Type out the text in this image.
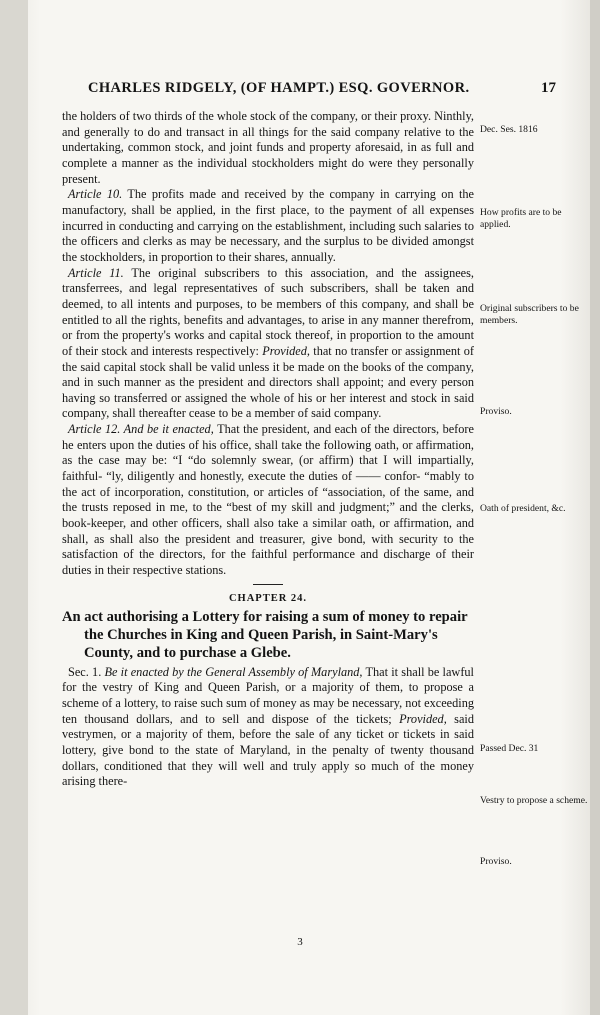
CHARLES RIDGELY, (OF HAMPT.) ESQ. GOVERNOR.	17

the holders of two thirds of the whole stock of the company, or their proxy. Ninthly, and generally to do and transact in all things for the said company relative to the undertaking, common stock, and joint funds and property aforesaid, in as full and complete a manner as the individual stockholders might do were they personally present.

Article 10. The profits made and received by the company in carrying on the manufactory, shall be applied, in the first place, to the payment of all expenses incurred in conducting and carrying on the establishment, including such salaries to the officers and clerks as may be necessary, and the surplus to be divided amongst the stockholders, in proportion to their shares, annually.

Article 11. The original subscribers to this association, and the assignees, transferrees, and legal representatives of such subscribers, shall be taken and deemed, to all intents and purposes, to be members of this company, and shall be entitled to all the rights, benefits and advantages, to arise in any manner therefrom, or from the property's works and capital stock thereof, in proportion to the amount of their stock and interests respectively: Provided, that no transfer or assignment of the said capital stock shall be valid unless it be made on the books of the company, and in such manner as the president and directors shall appoint; and every person having so transferred or assigned the whole of his or her interest and stock in said company, shall thereafter cease to be a member of said company.

Article 12. And be it enacted, That the president, and each of the directors, before he enters upon the duties of his office, shall take the following oath, or affirmation, as the case may be: “I “do solemnly swear, (or affirm) that I will impartially, faithful- “ly, diligently and honestly, execute the duties of —— confor- “mably to the act of incorporation, constitution, or articles of “association, of the same, and the trusts reposed in me, to the “best of my skill and judgment;” and the clerks, book-keeper, and other officers, shall also take a similar oath, or affirmation, and shall, as shall also the president and treasurer, give bond, with security to the satisfaction of the directors, for the faithful performance and discharge of their duties in their respective stations.

CHAPTER 24.

An act authorising a Lottery for raising a sum of money to repair the Churches in King and Queen Parish, in Saint-Mary's County, and to purchase a Glebe.

Sec. 1. Be it enacted by the General Assembly of Maryland, That it shall be lawful for the vestry of King and Queen Parish, or a majority of them, to propose a scheme of a lottery, to raise such sum of money as may be necessary, not exceeding ten thousand dollars, and to sell and dispose of the tickets; Provided, said vestrymen, or a majority of them, before the sale of any ticket or tickets in said lottery, give bond to the state of Maryland, in the penalty of twenty thousand dollars, conditioned that they will well and truly apply so much of the money arising there-

Dec. Ses. 1816
How profits are to be applied.
Original subscribers to be members.
Proviso.
Oath of president, &c.
Passed Dec. 31
Vestry to propose a scheme.
Proviso.
3
